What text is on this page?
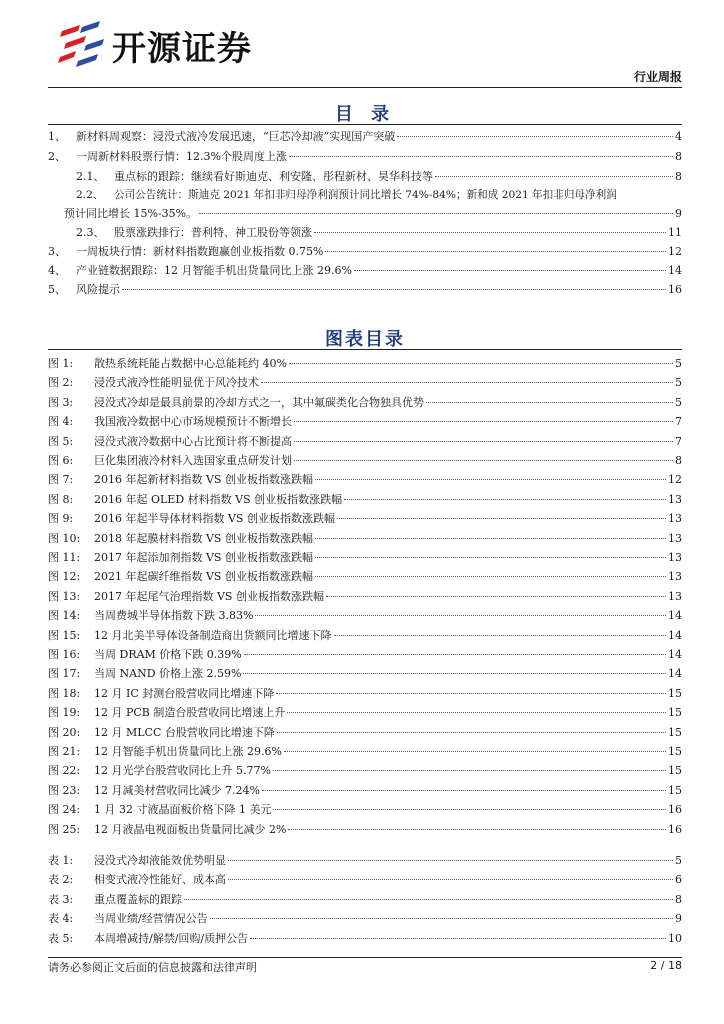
开源证券
行业周报
目 录
1、 新材料周观察：浸没式液冷发展迅速，“巨芯冷却液”实现国产突破	4
2、 一周新材料股票行情：12.3%个股周度上涨	8
2.1、 重点标的跟踪：继续看好斯迪克、利安隆、彤程新材、昊华科技等	8
2.2、 公司公告统计：斯迪克 2021 年扣非归母净利润预计同比增长 74%-84%；新和成 2021 年扣非归母净利润
预计同比增长 15%-35%。	9
2.3、 股票涨跌排行：普利特、神工股份等领涨	11
3、 一周板块行情：新材料指数跑赢创业板指数 0.75%	12
4、 产业链数据跟踪：12 月智能手机出货量同比上涨 29.6%	14
5、 风险提示	16
图表目录
图 1:	散热系统耗能占数据中心总能耗约 40%	5
图 2:	浸没式液冷性能明显优于风冷技术	5
图 3:	浸没式冷却是最具前景的冷却方式之一，其中氟碳类化合物独具优势	5
图 4:	我国液冷数据中心市场规模预计不断增长	7
图 5:	浸没式液冷数据中心占比预计将不断提高	7
图 6:	巨化集团液冷材料入选国家重点研发计划	8
图 7:	2016 年起新材料指数 VS 创业板指数涨跌幅	12
图 8:	2016 年起 OLED 材料指数 VS 创业板指数涨跌幅	13
图 9:	2016 年起半导体材料指数 VS 创业板指数涨跌幅	13
图 10:	2018 年起膜材料指数 VS 创业板指数涨跌幅	13
图 11:	2017 年起添加剂指数 VS 创业板指数涨跌幅	13
图 12:	2021 年起碳纤维指数 VS 创业板指数涨跌幅	13
图 13:	2017 年起尾气治理指数 VS 创业板指数涨跌幅	13
图 14:	当周费城半导体指数下跌 3.83%	14
图 15:	12 月北美半导体设备制造商出货额同比增速下降	14
图 16:	当周 DRAM 价格下跌 0.39%	14
图 17:	当周 NAND 价格上涨 2.59%	14
图 18:	12 月 IC 封测台股营收同比增速下降	15
图 19:	12 月 PCB 制造台股营收同比增速上升	15
图 20:	12 月 MLCC 台股营收同比增速下降	15
图 21:	12 月智能手机出货量同比上涨 29.6%	15
图 22:	12 月光学台股营收同比上升 5.77%	15
图 23:	12 月减美材营收同比减少 7.24%	15
图 24:	1 月 32 寸液晶面板价格下降 1 美元	16
图 25:	12 月液晶电视面板出货量同比减少 2%	16
表 1:	浸没式冷却液能效优势明显	5
表 2:	相变式液冷性能好、成本高	6
表 3:	重点覆盖标的跟踪	8
表 4:	当周业绩/经营情况公告	9
表 5:	本周增减持/解禁/回购/质押公告	10
请务必参阅正文后面的信息披露和法律声明	2 / 18
